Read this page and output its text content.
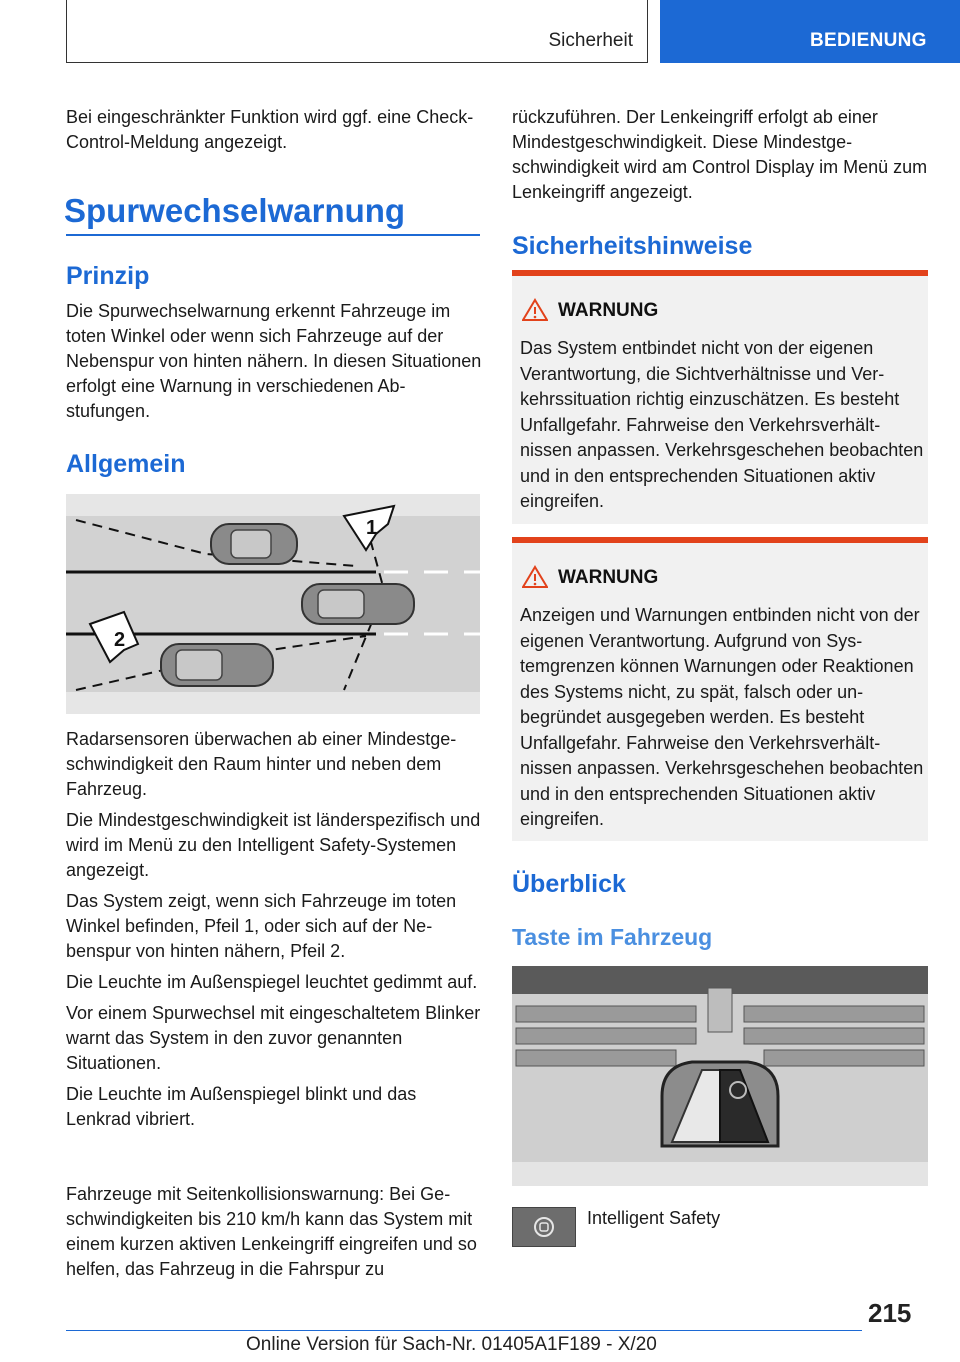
Sicherheit	BEDIENUNG
Bei eingeschränkter Funktion wird ggf. eine Check-Control-Meldung angezeigt.
Spurwechselwarnung
Prinzip
Die Spurwechselwarnung erkennt Fahrzeuge im toten Winkel oder wenn sich Fahrzeuge auf der Nebenspur von hinten nähern. In diesen Situationen erfolgt eine Warnung in verschiedenen Abstufungen.
Allgemein
1
2

Radarsensoren überwachen ab einer Mindestgeschwindigkeit den Raum hinter und neben dem Fahrzeug.

Die Mindestgeschwindigkeit ist länderspezifisch und wird im Menü zu den Intelligent Safety-Systemen angezeigt.

Das System zeigt, wenn sich Fahrzeuge im toten Winkel befinden, Pfeil 1, oder sich auf der Nebenspur von hinten nähern, Pfeil 2.

Die Leuchte im Außenspiegel leuchtet gedimmt auf.

Vor einem Spurwechsel mit eingeschaltetem Blinker warnt das System in den zuvor genannten Situationen.

Die Leuchte im Außenspiegel blinkt und das Lenkrad vibriert.

Fahrzeuge mit Seitenkollisionswarnung: Bei Geschwindigkeiten bis 210 km/h kann das System mit einem kurzen aktiven Lenkeingriff eingreifen und so helfen, das Fahrzeug in die Fahrspur zu
rückzuführen. Der Lenkeingriff erfolgt ab einer Mindestgeschwindigkeit. Diese Mindestgeschwindigkeit wird am Control Display im Menü zum Lenkeingriff angezeigt.
Sicherheitshinweise
WARNUNG
Das System entbindet nicht von der eigenen Verantwortung, die Sichtverhältnisse und Verkehrssituation richtig einzuschätzen. Es besteht Unfallgefahr. Fahrweise den Verkehrsverhältnissen anpassen. Verkehrsgeschehen beobachten und in den entsprechenden Situationen aktiv eingreifen.
WARNUNG
Anzeigen und Warnungen entbinden nicht von der eigenen Verantwortung. Aufgrund von Systemgrenzen können Warnungen oder Reaktionen des Systems nicht, zu spät, falsch oder unbegründet ausgegeben werden. Es besteht Unfallgefahr. Fahrweise den Verkehrsverhältnissen anpassen. Verkehrsgeschehen beobachten und in den entsprechenden Situationen aktiv eingreifen.
Überblick
Taste im Fahrzeug
Intelligent Safety
215
Online Version für Sach-Nr. 01405A1F189 - X/20
